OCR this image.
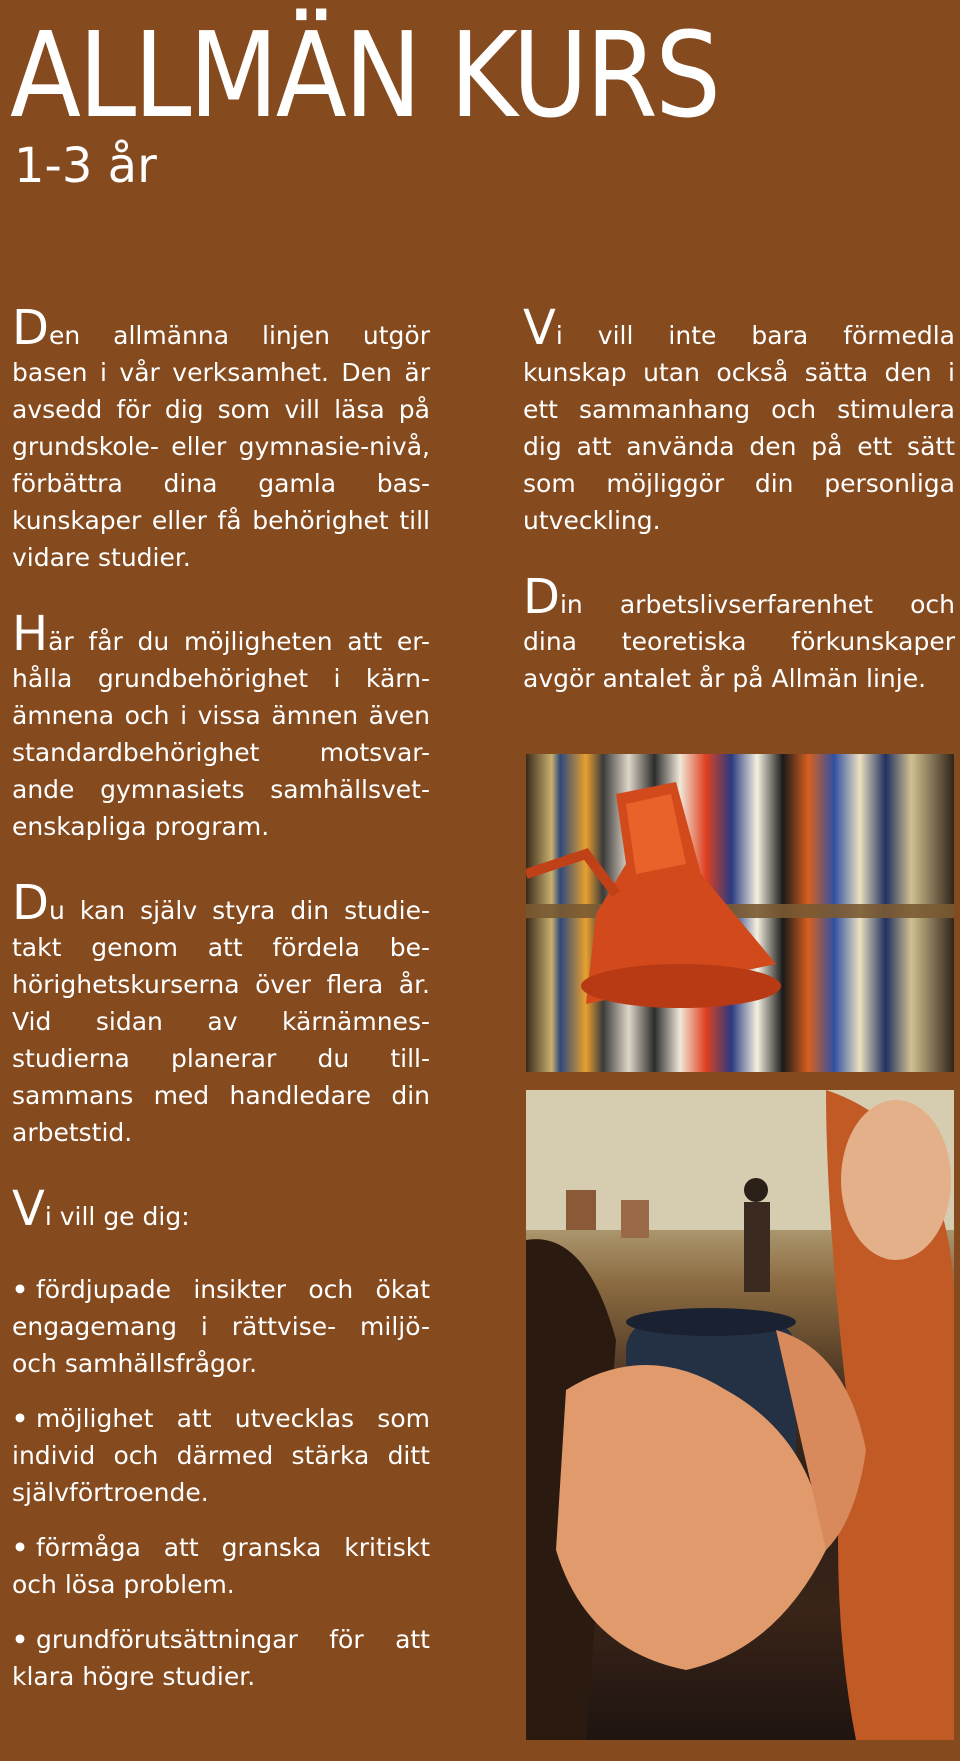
ALLMÄN KURS
1-3 år

Den allmänna linjen utgör basen i vår verksamhet. Den är avsedd för dig som vill läsa på grundskole- eller gymnasie-nivå, förbättra dina gamla bas-kunskaper eller få behörighet till vidare studier.

Här får du möjligheten att er-hålla grundbehörighet i kärn-ämnena och i vissa ämnen även standardbehörighet motsvar-ande gymnasiets samhällsvet-enskapliga program.

Du kan själv styra din studie-takt genom att fördela be-hörighetskurserna över flera år. Vid sidan av kärnämnes-studierna planerar du till-sammans med handledare din arbetstid.

Vi vill ge dig:

• fördjupade insikter och ökat engagemang i rättvise- miljö- och samhällsfrågor.
• möjlighet att utvecklas som individ och därmed stärka ditt självförtroende.
• förmåga att granska kritiskt och lösa problem.
• grundförutsättningar för att klara högre studier.

Vi vill inte bara förmedla kunskap utan också sätta den i ett sammanhang och stimulera dig att använda den på ett sätt som möjliggör din personliga utveckling.

Din arbetslivserfarenhet och dina teoretiska förkunskaper avgör antalet år på Allmän linje.
